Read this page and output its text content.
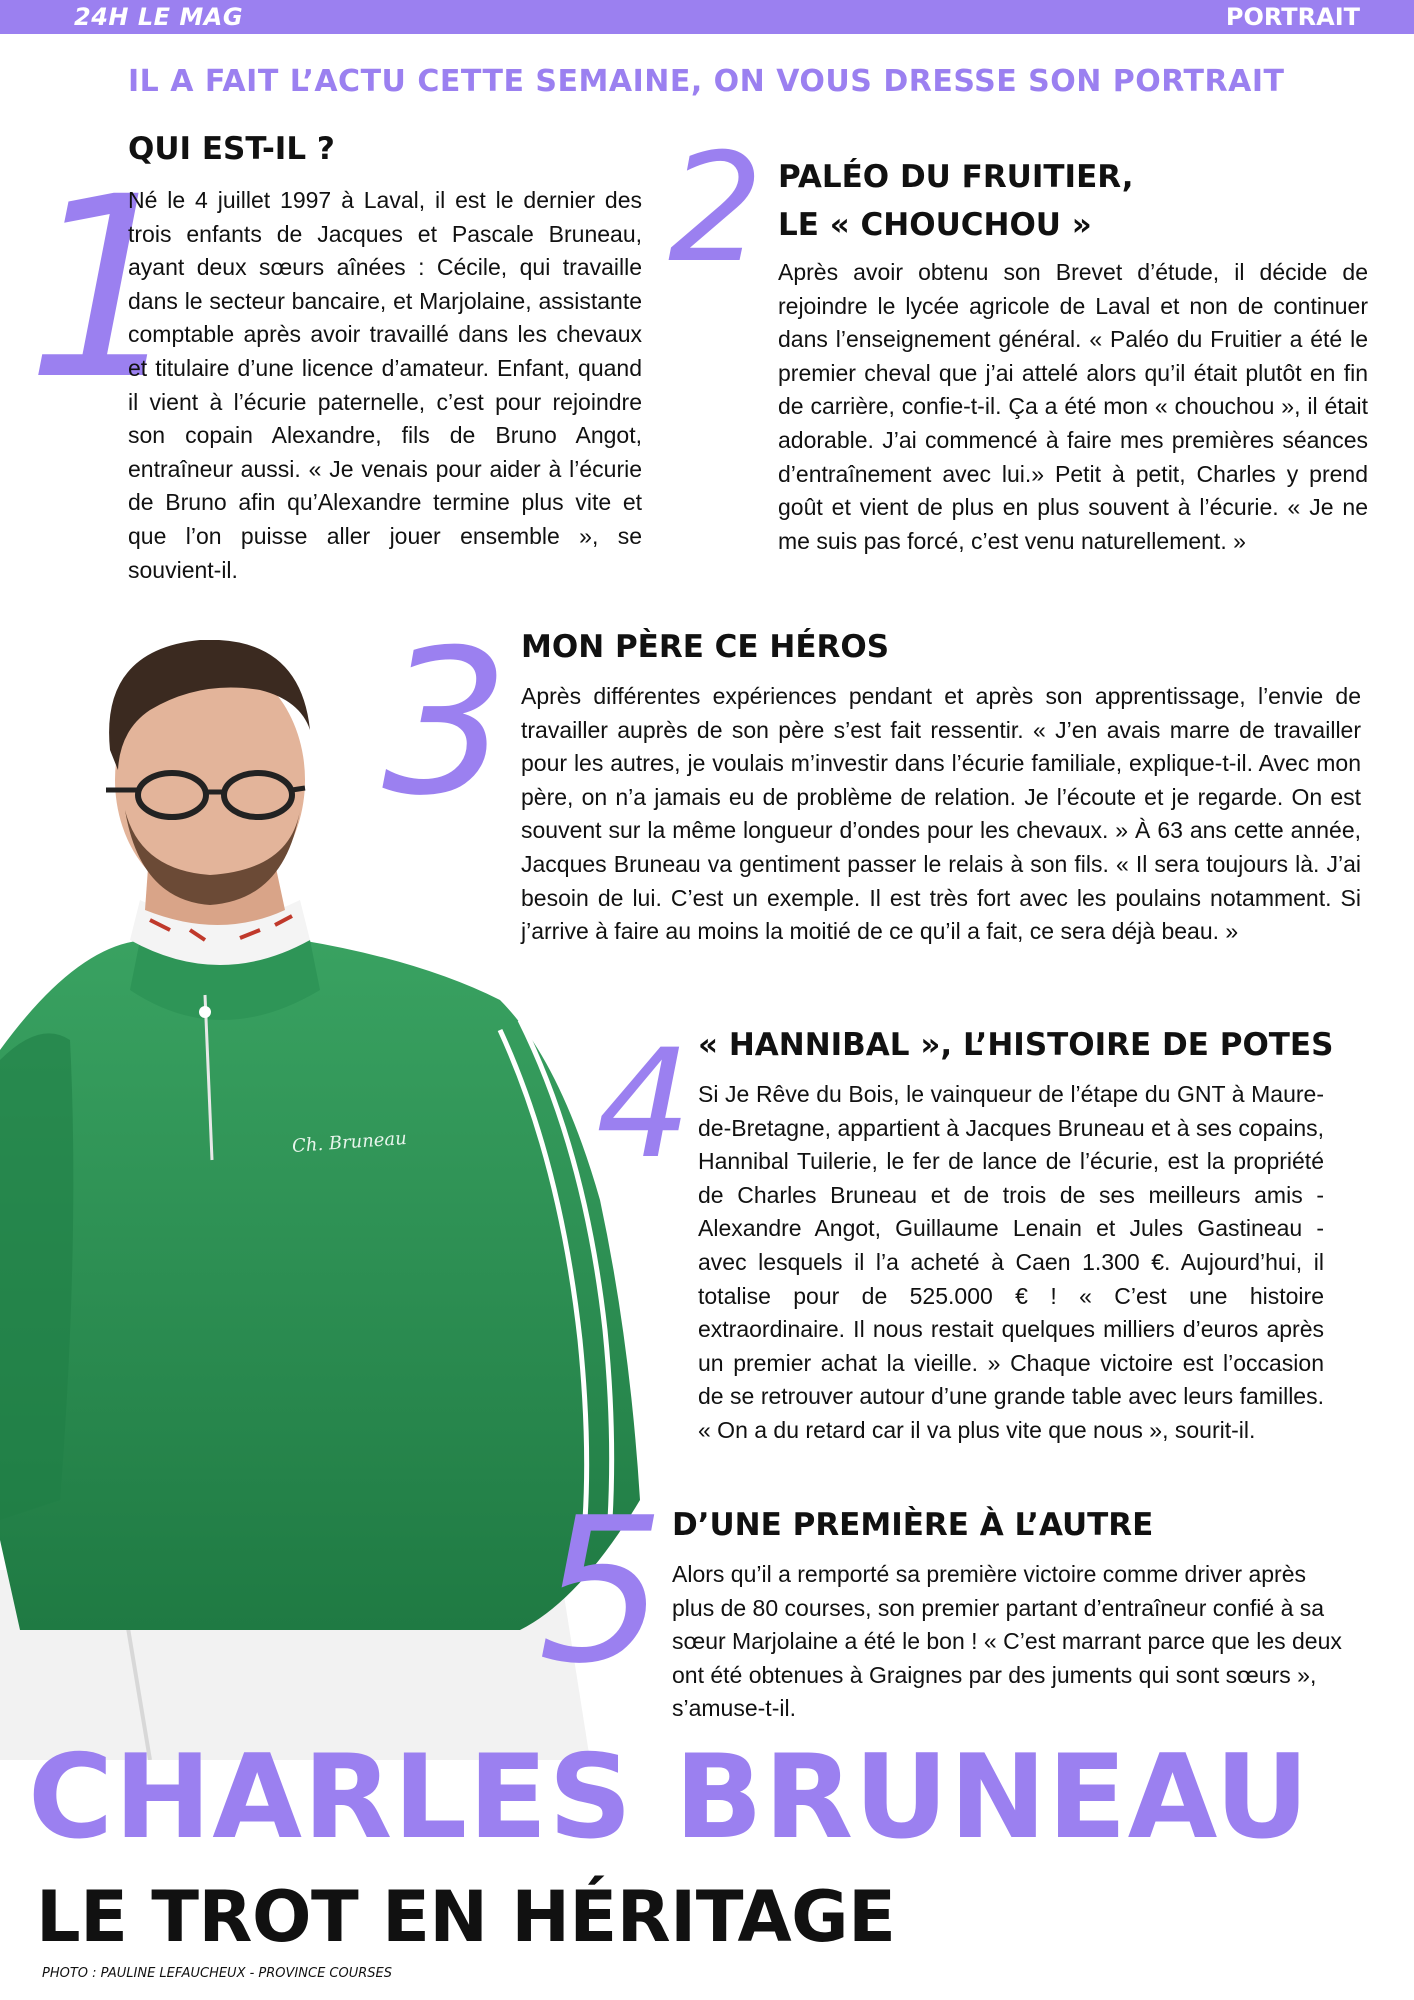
24H LE MAG	PORTRAIT
IL A FAIT L’ACTU CETTE SEMAINE, ON VOUS DRESSE SON PORTRAIT
1
QUI EST-IL ?

Né le 4 juillet 1997 à Laval, il est le dernier des trois enfants de Jacques et Pascale Bruneau, ayant deux sœurs aînées : Cécile, qui travaille dans le secteur bancaire, et Marjolaine, assistante comptable après avoir travaillé dans les chevaux et titulaire d’une licence d’amateur. Enfant, quand il vient à l’écurie paternelle, c’est pour rejoindre son copain Alexandre, fils de Bruno Angot, entraîneur aussi. « Je venais pour aider à l’écurie de Bruno afin qu’Alexandre termine plus vite et que l’on puisse aller jouer ensemble », se souvient-il.

2 PALÉO DU FRUITIER,
LE « CHOUCHOU »

Après avoir obtenu son Brevet d’étude, il décide de rejoindre le lycée agricole de Laval et non de continuer dans l’enseignement général. « Paléo du Fruitier a été le premier cheval que j’ai attelé alors qu’il était plutôt en fin de carrière, confie-t-il. Ça a été mon « chouchou », il était adorable. J’ai commencé à faire mes premières séances d’entraînement avec lui.» Petit à petit, Charles y prend goût et vient de plus en plus souvent à l’écurie. « Je ne me suis pas forcé, c’est venu naturellement. »

Ch. Bruneau
3 MON PÈRE CE HÉROS

Après différentes expériences pendant et après son apprentissage, l’envie de travailler auprès de son père s’est fait ressentir. « J’en avais marre de travailler pour les autres, je voulais m’investir dans l’écurie familiale, explique-t-il. Avec mon père, on n’a jamais eu de problème de relation. Je l’écoute et je regarde. On est souvent sur la même longueur d’ondes pour les chevaux. » À 63 ans cette année, Jacques Bruneau va gentiment passer le relais à son fils. « Il sera toujours là. J’ai besoin de lui. C’est un exemple. Il est très fort avec les poulains notamment. Si j’arrive à faire au moins la moitié de ce qu’il a fait, ce sera déjà beau. »

4 « HANNIBAL », L’HISTOIRE DE POTES

Si Je Rêve du Bois, le vainqueur de l’étape du GNT à Maure-de-Bretagne, appartient à Jacques Bruneau et à ses copains, Hannibal Tuilerie, le fer de lance de l’écurie, est la propriété de Charles Bruneau et de trois de ses meilleurs amis - Alexandre Angot, Guillaume Lenain et Jules Gastineau - avec lesquels il l’a acheté à Caen 1.300 €. Aujourd’hui, il totalise pour de 525.000 € ! « C’est une histoire extraordinaire. Il nous restait quelques milliers d’euros après un premier achat la vieille. » Chaque victoire est l’occasion de se retrouver autour d’une grande table avec leurs familles. « On a du retard car il va plus vite que nous », sourit-il.

5 D’UNE PREMIÈRE À L’AUTRE

Alors qu’il a remporté sa première victoire comme driver après plus de 80 courses, son premier partant d’entraîneur confié à sa sœur Marjolaine a été le bon ! « C’est marrant parce que les deux ont été obtenues à Graignes par des juments qui sont sœurs », s’amuse-t-il.

CHARLES BRUNEAU
LE TROT EN HÉRITAGE
PHOTO : PAULINE LEFAUCHEUX - PROVINCE COURSES
